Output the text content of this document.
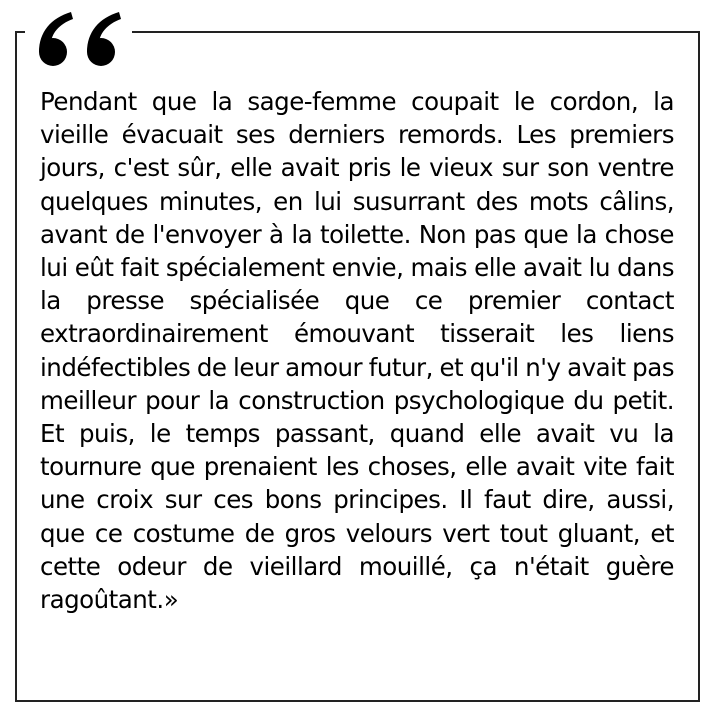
Pendant que la sage-femme coupait le cordon, la vieille évacuait ses derniers remords. Les premiers jours, c'est sûr, elle avait pris le vieux sur son ventre quelques minutes, en lui susurrant des mots câlins, avant de l'envoyer à la toilette. Non pas que la chose lui eût fait spécialement envie, mais elle avait lu dans la presse spécialisée que ce premier contact extraordinairement émouvant tisserait les liens indéfectibles de leur amour futur, et qu'il n'y avait pas meilleur pour la construction psychologique du petit. Et puis, le temps passant, quand elle avait vu la tournure que prenaient les choses, elle avait vite fait une croix sur ces bons principes. Il faut dire, aussi, que ce costume de gros velours vert tout gluant, et cette odeur de vieillard mouillé, ça n'était guère ragoûtant.»
